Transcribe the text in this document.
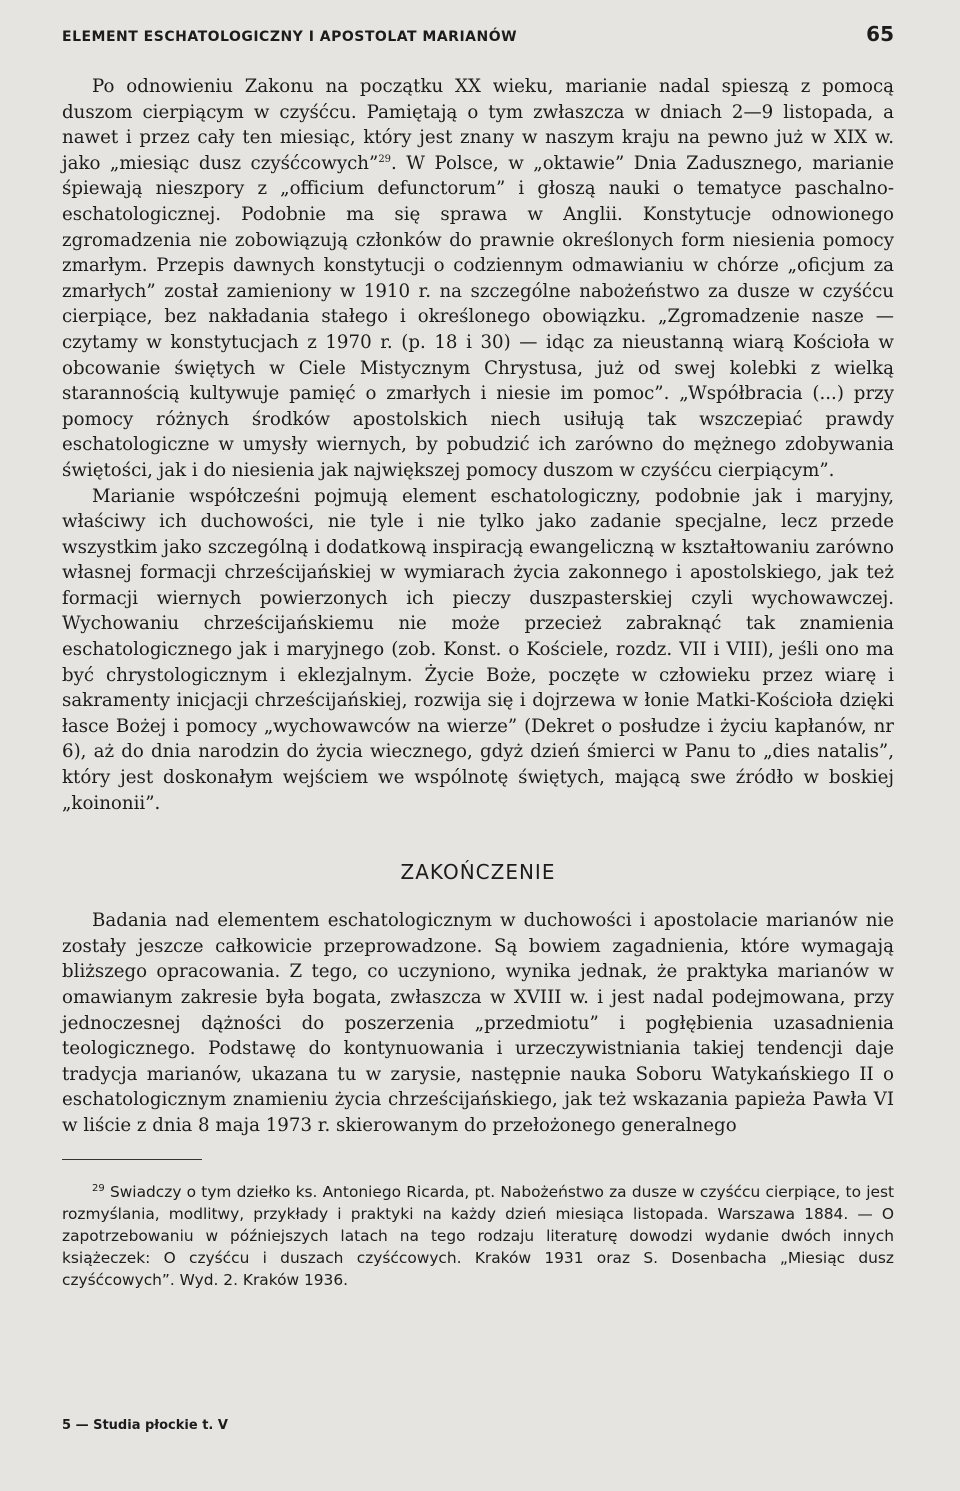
ELEMENT ESCHATOLOGICZNY I APOSTOLAT MARIANÓW	65

Po odnowieniu Zakonu na początku XX wieku, marianie nadal spieszą z pomocą duszom cierpiącym w czyśćcu. Pamiętają o tym zwłaszcza w dniach 2—9 listopada, a nawet i przez cały ten miesiąc, który jest znany w naszym kraju na pewno już w XIX w. jako „miesiąc dusz czyśćcowych”$^{29}$. W Polsce, w „oktawie” Dnia Zadusznego, marianie śpiewają nieszpory z „officium defunctorum” i głoszą nauki o tematyce paschalno-eschatologicznej. Podobnie ma się sprawa w Anglii. Konstytucje odnowionego zgromadzenia nie zobowiązują członków do prawnie określonych form niesienia pomocy zmarłym. Przepis dawnych konstytucji o codziennym odmawianiu w chórze „oficjum za zmarłych” został zamieniony w 1910 r. na szczególne nabożeństwo za dusze w czyśćcu cierpiące, bez nakładania stałego i określonego obowiązku. „Zgromadzenie nasze — czytamy w konstytucjach z 1970 r. (p. 18 i 30) — idąc za nieustanną wiarą Kościoła w obcowanie świętych w Ciele Mistycznym Chrystusa, już od swej kolebki z wielką starannością kultywuje pamięć o zmarłych i niesie im pomoc”. „Współbracia (...) przy pomocy różnych środków apostolskich niech usiłują tak wszczepiać prawdy eschatologiczne w umysły wiernych, by pobudzić ich zarówno do mężnego zdobywania świętości, jak i do niesienia jak największej pomocy duszom w czyśćcu cierpiącym”.

Marianie współcześni pojmują element eschatologiczny, podobnie jak i maryjny, właściwy ich duchowości, nie tyle i nie tylko jako zadanie specjalne, lecz przede wszystkim jako szczególną i dodatkową inspiracją ewangeliczną w kształtowaniu zarówno własnej formacji chrześcijańskiej w wymiarach życia zakonnego i apostolskiego, jak też formacji wiernych powierzonych ich pieczy duszpasterskiej czyli wychowawczej. Wychowaniu chrześcijańskiemu nie może przecież zabraknąć tak znamienia eschatologicznego jak i maryjnego (zob. Konst. o Kościele, rozdz. VII i VIII), jeśli ono ma być chrystologicznym i eklezjalnym. Życie Boże, poczęte w człowieku przez wiarę i sakramenty inicjacji chrześcijańskiej, rozwija się i dojrzewa w łonie Matki-Kościoła dzięki łasce Bożej i pomocy „wychowawców na wierze” (Dekret o posłudze i życiu kapłanów, nr 6), aż do dnia narodzin do życia wiecznego, gdyż dzień śmierci w Panu to „dies natalis”, który jest doskonałym wejściem we wspólnotę świętych, mającą swe źródło w boskiej „koinonii”.

ZAKOŃCZENIE

Badania nad elementem eschatologicznym w duchowości i apostolacie marianów nie zostały jeszcze całkowicie przeprowadzone. Są bowiem zagadnienia, które wymagają bliższego opracowania. Z tego, co uczyniono, wynika jednak, że praktyka marianów w omawianym zakresie była bogata, zwłaszcza w XVIII w. i jest nadal podejmowana, przy jednoczesnej dążności do poszerzenia „przedmiotu” i pogłębienia uzasadnienia teologicznego. Podstawę do kontynuowania i urzeczywistniania takiej tendencji daje tradycja marianów, ukazana tu w zarysie, następnie nauka Soboru Watykańskiego II o eschatologicznym znamieniu życia chrześcijańskiego, jak też wskazania papieża Pawła VI w liście z dnia 8 maja 1973 r. skierowanym do przełożonego generalnego

$^{29}$ Swiadczy o tym dziełko ks. Antoniego Ricarda, pt. Nabożeństwo za dusze w czyśćcu cierpiące, to jest rozmyślania, modlitwy, przykłady i praktyki na każdy dzień miesiąca listopada. Warszawa 1884. — O zapotrzebowaniu w późniejszych latach na tego rodzaju literaturę dowodzi wydanie dwóch innych książeczek: O czyśćcu i duszach czyśćcowych. Kraków 1931 oraz S. Dosenbacha „Miesiąc dusz czyśćcowych”. Wyd. 2. Kraków 1936.

5 — Studia płockie t. V
